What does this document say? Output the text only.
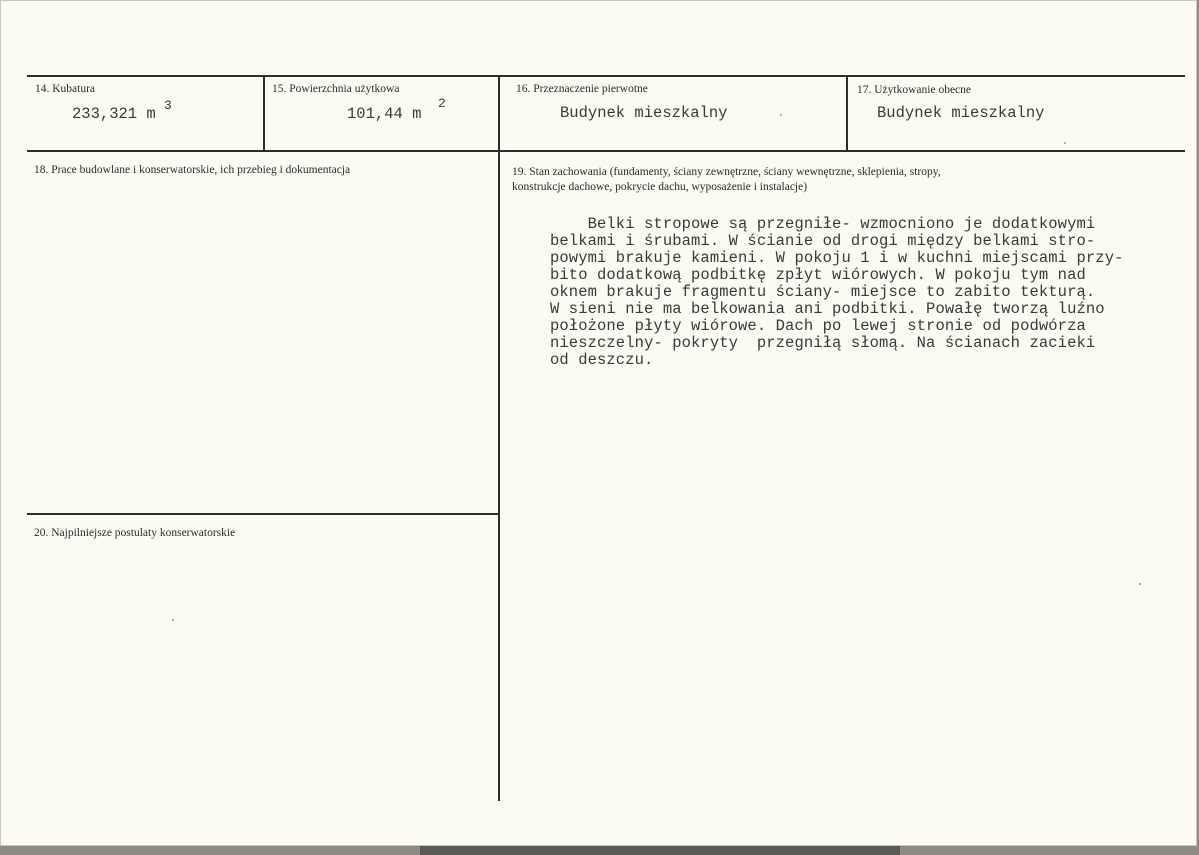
14. Kubatura
233,321 m 3
15. Powierzchnia użytkowa
101,44 m
2
16. Przeznaczenie pierwotne
Budynek mieszkalny
17. Użytkowanie obecne
Budynek mieszkalny
18. Prace budowlane i konserwatorskie, ich przebieg i dokumentacja	19. Stan zachowania (fundamenty, ściany zewnętrzne, ściany wewnętrzne, sklepienia, stropy,
konstrukcje dachowe, pokrycie dachu, wyposażenie i instalacje)
Belki stropowe są przegniłe- wzmocniono je dodatkowymi
belkami i śrubami. W ścianie od drogi między belkami stro-
powymi brakuje kamieni. W pokoju 1 i w kuchni miejscami przy-
bito dodatkową podbitkę zpłyt wiórowych. W pokoju tym nad
oknem brakuje fragmentu ściany- miejsce to zabito tekturą.
W sieni nie ma belkowania ani podbitki. Powałę tworzą luźno
położone płyty wiórowe. Dach po lewej stronie od podwórza
nieszczelny- pokryty  przegniłą słomą. Na ścianach zacieki
od deszczu.
20. Najpilniejsze postulaty konserwatorskie
